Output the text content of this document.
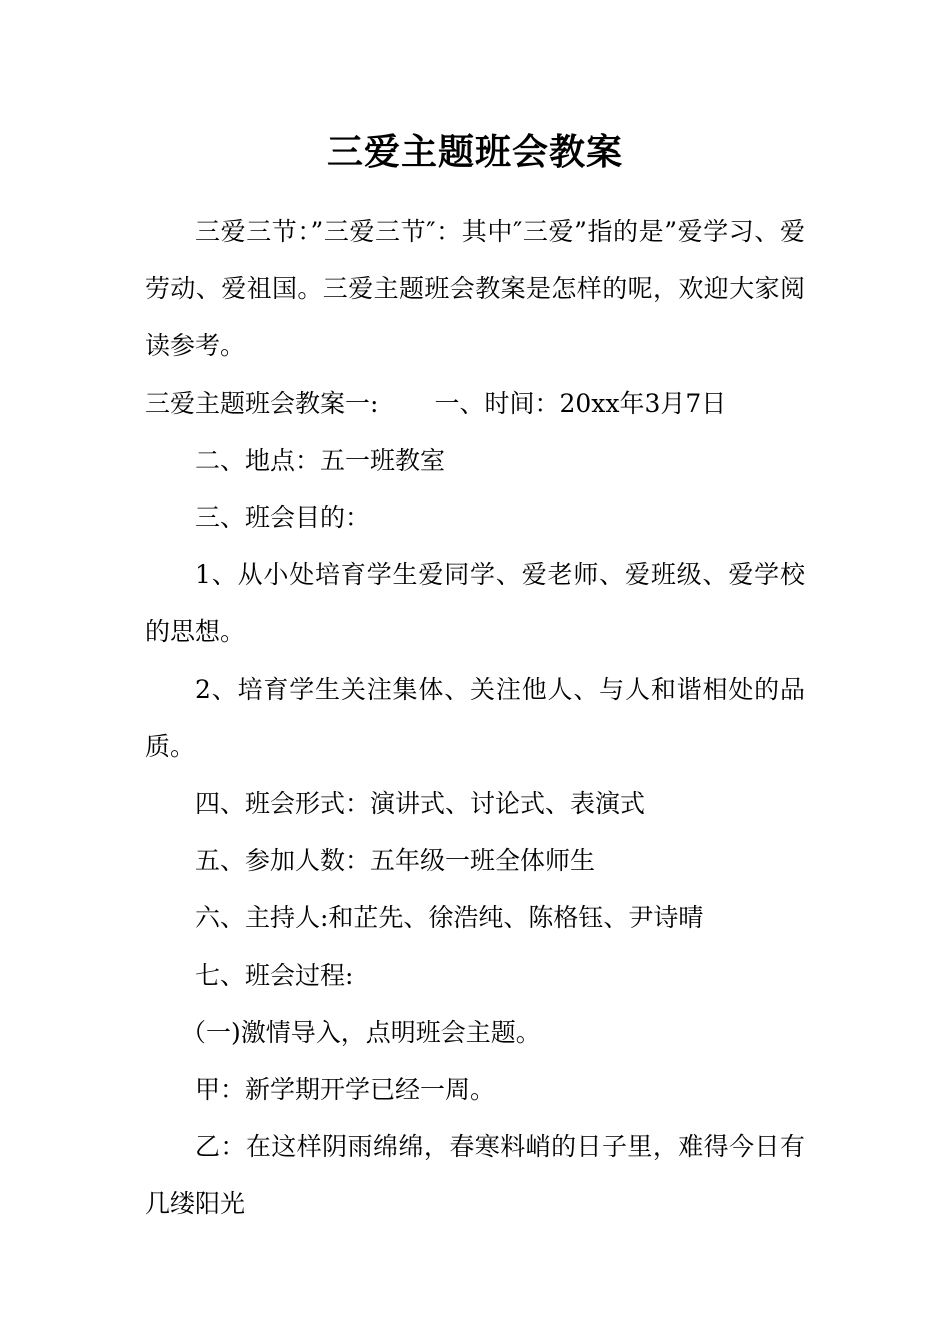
三爱主题班会教案

三爱三节：”三爱三节″：其中″三爱”指的是”爱学习、爱劳动、爱祖国。三爱主题班会教案是怎样的呢，欢迎大家阅读参考。

三爱主题班会教案一: 一、时间：20xx年3月7日

二、地点：五一班教室

三、班会目的：

1、从小处培育学生爱同学、爱老师、爱班级、爱学校的思想。

2、培育学生关注集体、关注他人、与人和谐相处的品质。

四、班会形式：演讲式、讨论式、表演式

五、参加人数：五年级一班全体师生

六、主持人:和芷先、徐浩纯、陈格钰、尹诗晴

七、班会过程:

（一)激情导入，点明班会主题。

甲：新学期开学已经一周。

乙：在这样阴雨绵绵，春寒料峭的日子里，难得今日有几缕阳光
